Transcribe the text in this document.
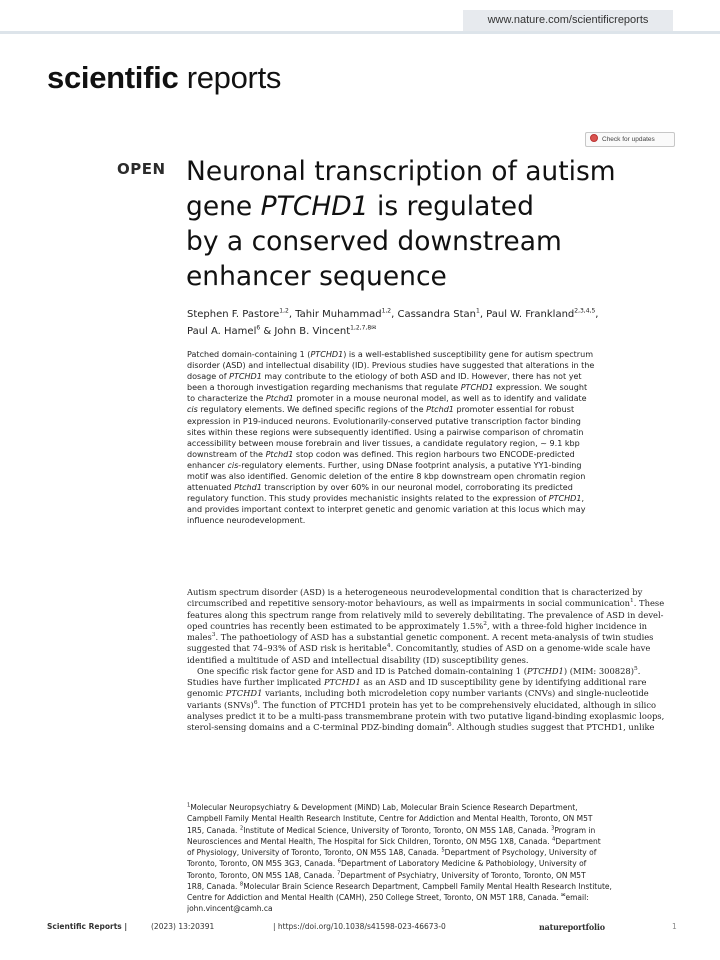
www.nature.com/scientificreports
scientific reports
Check for updates
OPEN Neuronal transcription of autism
gene PTCHD1 is regulated
by a conserved downstream
enhancer sequence
Stephen F. Pastore$^{1,2}$, Tahir Muhammad$^{1,2}$, Cassandra Stan$^1$, Paul W. Frankland$^{2,3,4,5}$,
Paul A. Hamel$^6$ & John B. Vincent$^{1,2,7,8✉}$
Patched domain-containing 1 (PTCHD1) is a well-established susceptibility gene for autism spectrum
disorder (ASD) and intellectual disability (ID). Previous studies have suggested that alterations in the
dosage of PTCHD1 may contribute to the etiology of both ASD and ID. However, there has not yet
been a thorough investigation regarding mechanisms that regulate PTCHD1 expression. We sought
to characterize the Ptchd1 promoter in a mouse neuronal model, as well as to identify and validate
cis regulatory elements. We defined specific regions of the Ptchd1 promoter essential for robust
expression in P19-induced neurons. Evolutionarily-conserved putative transcription factor binding
sites within these regions were subsequently identified. Using a pairwise comparison of chromatin
accessibility between mouse forebrain and liver tissues, a candidate regulatory region, ~ 9.1 kbp
downstream of the Ptchd1 stop codon was defined. This region harbours two ENCODE-predicted
enhancer cis-regulatory elements. Further, using DNase footprint analysis, a putative YY1-binding
motif was also identified. Genomic deletion of the entire 8 kbp downstream open chromatin region
attenuated Ptchd1 transcription by over 60% in our neuronal model, corroborating its predicted
regulatory function. This study provides mechanistic insights related to the expression of PTCHD1,
and provides important context to interpret genetic and genomic variation at this locus which may
influence neurodevelopment.
Autism spectrum disorder (ASD) is a heterogeneous neurodevelopmental condition that is characterized by
circumscribed and repetitive sensory-motor behaviours, as well as impairments in social communication$^1$. These
features along this spectrum range from relatively mild to severely debilitating. The prevalence of ASD in devel-
oped countries has recently been estimated to be approximately 1.5%$^2$, with a three-fold higher incidence in
males$^3$. The pathoetiology of ASD has a substantial genetic component. A recent meta-analysis of twin studies
suggested that 74–93% of ASD risk is heritable$^4$. Concomitantly, studies of ASD on a genome-wide scale have
identified a multitude of ASD and intellectual disability (ID) susceptibility genes.
One specific risk factor gene for ASD and ID is Patched domain-containing 1 (PTCHD1) (MIM: 300828)$^5$.
Studies have further implicated PTCHD1 as an ASD and ID susceptibility gene by identifying additional rare
genomic PTCHD1 variants, including both microdeletion copy number variants (CNVs) and single-nucleotide
variants (SNVs)$^6$. The function of PTCHD1 protein has yet to be comprehensively elucidated, although in silico
analyses predict it to be a multi-pass transmembrane protein with two putative ligand-binding exoplasmic loops,
sterol-sensing domains and a C-terminal PDZ-binding domain$^6$. Although studies suggest that PTCHD1, unlike
$^1$Molecular Neuropsychiatry & Development (MiND) Lab, Molecular Brain Science Research Department,
Campbell Family Mental Health Research Institute, Centre for Addiction and Mental Health, Toronto, ON M5T
1R5, Canada. $^2$Institute of Medical Science, University of Toronto, Toronto, ON M5S 1A8, Canada. $^3$Program in
Neurosciences and Mental Health, The Hospital for Sick Children, Toronto, ON M5G 1X8, Canada. $^4$Department
of Physiology, University of Toronto, Toronto, ON M5S 1A8, Canada. $^5$Department of Psychology, University of
Toronto, Toronto, ON M5S 3G3, Canada. $^6$Department of Laboratory Medicine & Pathobiology, University of
Toronto, Toronto, ON M5S 1A8, Canada. $^7$Department of Psychiatry, University of Toronto, Toronto, ON M5T
1R8, Canada. $^8$Molecular Brain Science Research Department, Campbell Family Mental Health Research Institute,
Centre for Addiction and Mental Health (CAMH), 250 College Street, Toronto, ON M5T 1R8, Canada. ✉email:
john.vincent@camh.ca
Scientific Reports |	(2023) 13:20391	| https://doi.org/10.1038/s41598-023-46673-0	natureportfolio	1
